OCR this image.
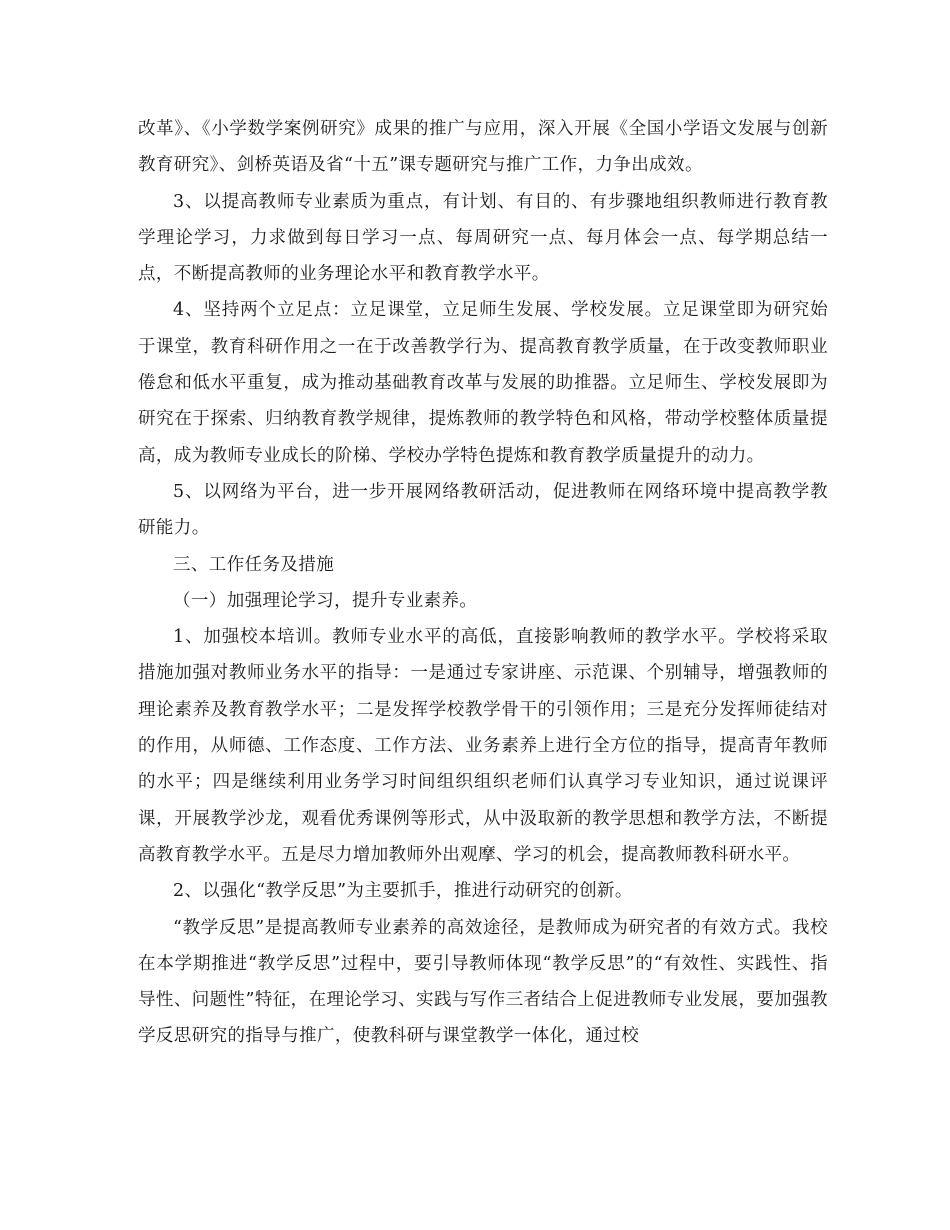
改革》、《小学数学案例研究》成果的推广与应用，深入开展《全国小学语文发展与创新教育研究》、剑桥英语及省“十五”课专题研究与推广工作，力争出成效。

3、以提高教师专业素质为重点，有计划、有目的、有步骤地组织教师进行教育教学理论学习，力求做到每日学习一点、每周研究一点、每月体会一点、每学期总结一点，不断提高教师的业务理论水平和教育教学水平。

4、坚持两个立足点：立足课堂，立足师生发展、学校发展。立足课堂即为研究始于课堂，教育科研作用之一在于改善教学行为、提高教育教学质量，在于改变教师职业倦怠和低水平重复，成为推动基础教育改革与发展的助推器。立足师生、学校发展即为研究在于探索、归纳教育教学规律，提炼教师的教学特色和风格，带动学校整体质量提高，成为教师专业成长的阶梯、学校办学特色提炼和教育教学质量提升的动力。

5、以网络为平台，进一步开展网络教研活动，促进教师在网络环境中提高教学教研能力。

三、工作任务及措施

（一）加强理论学习，提升专业素养。

1、加强校本培训。教师专业水平的高低，直接影响教师的教学水平。学校将采取措施加强对教师业务水平的指导：一是通过专家讲座、示范课、个别辅导，增强教师的理论素养及教育教学水平；二是发挥学校教学骨干的引领作用；三是充分发挥师徒结对的作用，从师德、工作态度、工作方法、业务素养上进行全方位的指导，提高青年教师的水平；四是继续利用业务学习时间组织组织老师们认真学习专业知识，通过说课评课，开展教学沙龙，观看优秀课例等形式，从中汲取新的教学思想和教学方法，不断提高教育教学水平。五是尽力增加教师外出观摩、学习的机会，提高教师教科研水平。

2、以强化“教学反思”为主要抓手，推进行动研究的创新。

“教学反思”是提高教师专业素养的高效途径，是教师成为研究者的有效方式。我校在本学期推进“教学反思”过程中，要引导教师体现“教学反思”的“有效性、实践性、指导性、问题性”特征，在理论学习、实践与写作三者结合上促进教师专业发展，要加强教学反思研究的指导与推广，使教科研与课堂教学一体化，通过校
